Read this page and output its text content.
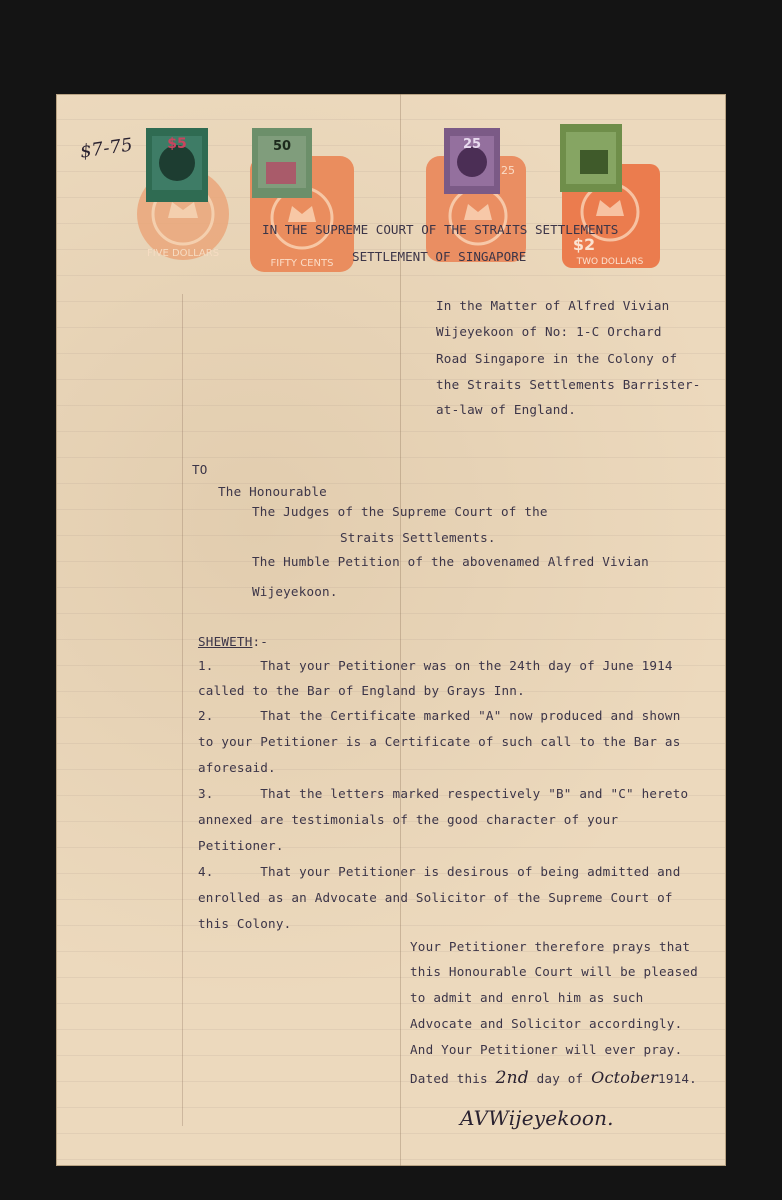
$7-75
FIVE DOLLARS
$5
FIFTY CENTS
50
25
25
$2
TWO DOLLARS
IN THE SUPREME COURT OF THE STRAITS SETTLEMENTS
SETTLEMENT OF SINGAPORE
In the Matter of Alfred Vivian
Wijeyekoon of No: 1-C Orchard
Road Singapore in the Colony of
the Straits Settlements Barrister-
at-law of England.
TO
The Honourable
The Judges of the Supreme Court of the
Straits Settlements.
The Humble Petition of the abovenamed Alfred Vivian
Wijeyekoon.
SHEWETH:-
1.      That your Petitioner was on the 24th day of June 1914
called to the Bar of England by Grays Inn.
2.      That the Certificate marked "A" now produced and shown
to your Petitioner is a Certificate of such call to the Bar as
aforesaid.
3.      That the letters marked respectively "B" and "C" hereto
annexed are testimonials of the good character of your
Petitioner.
4.      That your Petitioner is desirous of being admitted and
enrolled as an Advocate and Solicitor of the Supreme Court of
this Colony.
Your Petitioner therefore prays that
this Honourable Court will be pleased
to admit and enrol him as such
Advocate and Solicitor accordingly.
And Your Petitioner will ever pray.
Dated this 2nd day of October1914.
AVWijeyekoon.
